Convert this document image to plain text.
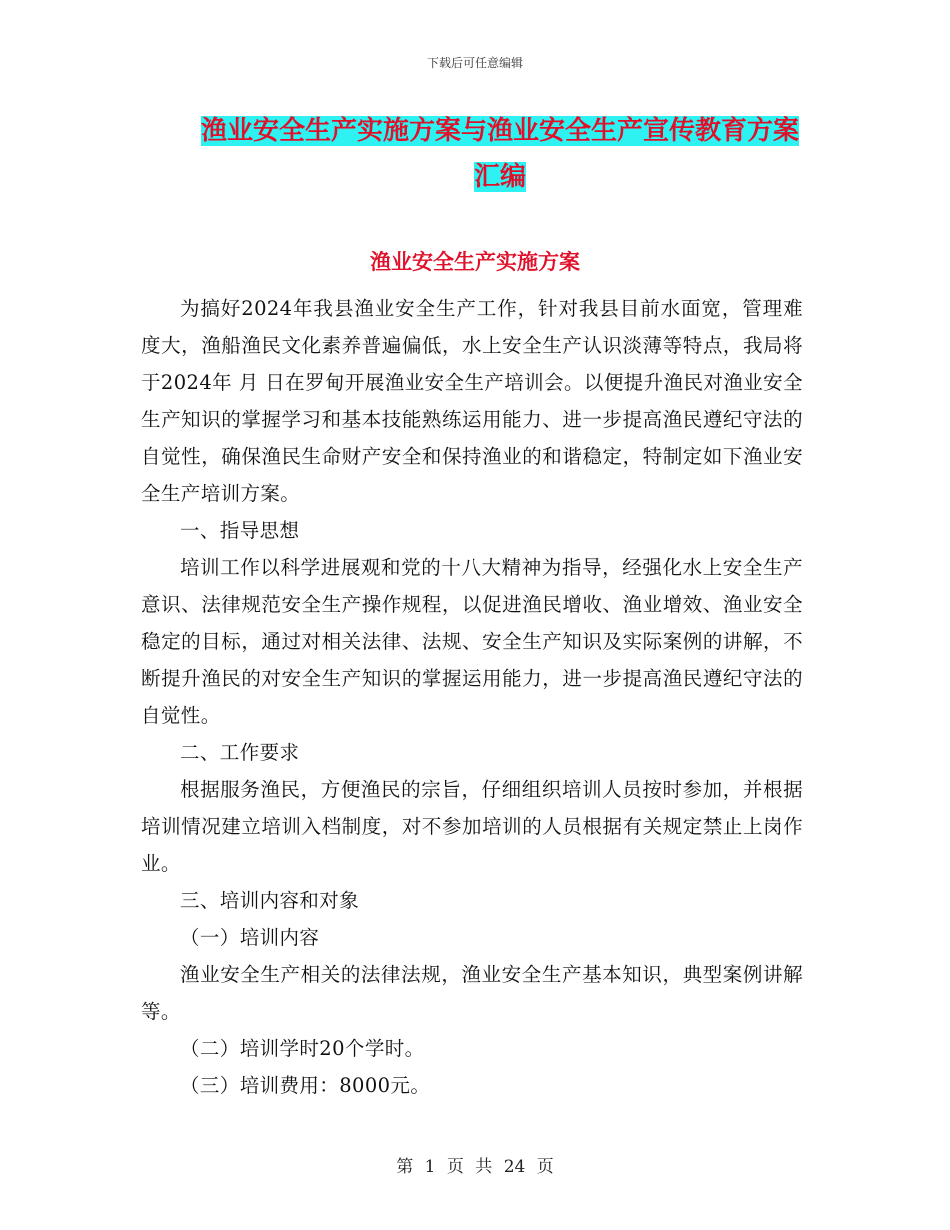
下载后可任意编辑
渔业安全生产实施方案与渔业安全生产宣传教育方案汇编
渔业安全生产实施方案

为搞好2024年我县渔业安全生产工作，针对我县目前水面宽，管理难度大，渔船渔民文化素养普遍偏低，水上安全生产认识淡薄等特点，我局将于2024年 月 日在罗甸开展渔业安全生产培训会。以便提升渔民对渔业安全生产知识的掌握学习和基本技能熟练运用能力、进一步提高渔民遵纪守法的自觉性，确保渔民生命财产安全和保持渔业的和谐稳定，特制定如下渔业安全生产培训方案。

一、指导思想

培训工作以科学进展观和党的十八大精神为指导，经强化水上安全生产意识、法律规范安全生产操作规程，以促进渔民增收、渔业增效、渔业安全稳定的目标，通过对相关法律、法规、安全生产知识及实际案例的讲解，不断提升渔民的对安全生产知识的掌握运用能力，进一步提高渔民遵纪守法的自觉性。

二、工作要求

根据服务渔民，方便渔民的宗旨，仔细组织培训人员按时参加，并根据培训情况建立培训入档制度，对不参加培训的人员根据有关规定禁止上岗作业。

三、培训内容和对象

（一）培训内容

渔业安全生产相关的法律法规，渔业安全生产基本知识，典型案例讲解等。

（二）培训学时20个学时。

（三）培训费用：8000元。

第 1 页 共 24 页
